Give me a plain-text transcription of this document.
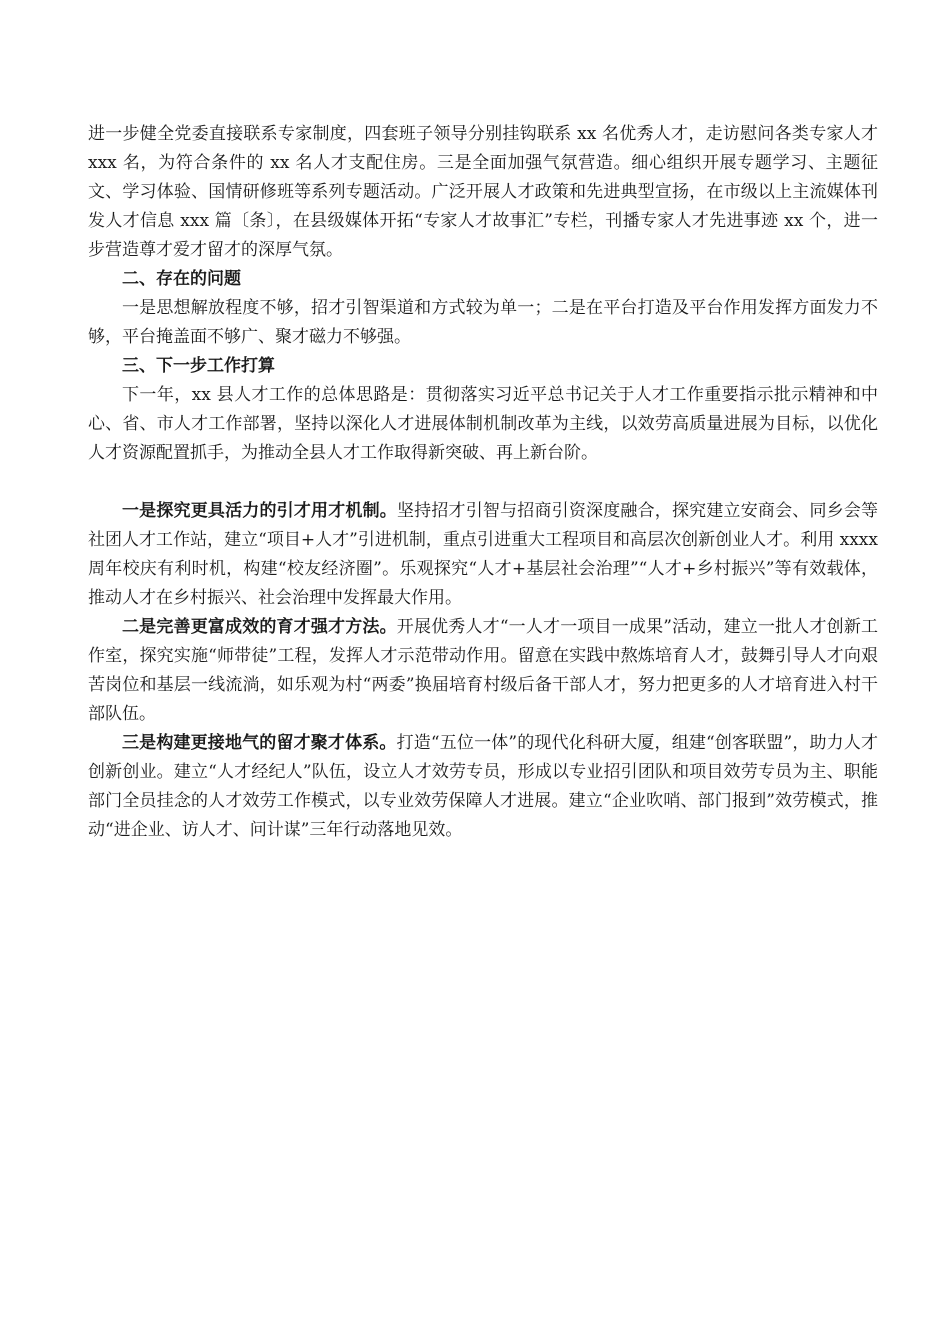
进一步健全党委直接联系专家制度，四套班子领导分别挂钩联系 xx 名优秀人才，走访慰问各类专家人才 xxx 名，为符合条件的 xx 名人才支配住房。三是全面加强气氛营造。细心组织开展专题学习、主题征文、学习体验、国情研修班等系列专题活动。广泛开展人才政策和先进典型宣扬，在市级以上主流媒体刊发人才信息 xxx 篇〔条〕，在县级媒体开拓“专家人才故事汇”专栏，刊播专家人才先进事迹 xx 个，进一步营造尊才爱才留才的深厚气氛。

二、存在的问题

一是思想解放程度不够，招才引智渠道和方式较为单一；二是在平台打造及平台作用发挥方面发力不够，平台掩盖面不够广、聚才磁力不够强。

三、下一步工作打算

下一年，xx 县人才工作的总体思路是：贯彻落实习近平总书记关于人才工作重要指示批示精神和中心、省、市人才工作部署，坚持以深化人才进展体制机制改革为主线，以效劳高质量进展为目标，以优化人才资源配置抓手，为推动全县人才工作取得新突破、再上新台阶。

一是探究更具活力的引才用才机制。坚持招才引智与招商引资深度融合，探究建立安商会、同乡会等社团人才工作站，建立“项目+人才”引进机制，重点引进重大工程项目和高层次创新创业人才。利用 xxxx 周年校庆有利时机，构建“校友经济圈”。乐观探究“人才+基层社会治理”“人才+乡村振兴”等有效载体，推动人才在乡村振兴、社会治理中发挥最大作用。

二是完善更富成效的育才强才方法。开展优秀人才“一人才一项目一成果”活动，建立一批人才创新工作室，探究实施“师带徒”工程，发挥人才示范带动作用。留意在实践中熬炼培育人才，鼓舞引导人才向艰苦岗位和基层一线流淌，如乐观为村“两委”换届培育村级后备干部人才，努力把更多的人才培育进入村干部队伍。

三是构建更接地气的留才聚才体系。打造“五位一体”的现代化科研大厦，组建“创客联盟”，助力人才创新创业。建立“人才经纪人”队伍，设立人才效劳专员，形成以专业招引团队和项目效劳专员为主、职能部门全员挂念的人才效劳工作模式，以专业效劳保障人才进展。建立“企业吹哨、部门报到”效劳模式，推动“进企业、访人才、问计谋”三年行动落地见效。
